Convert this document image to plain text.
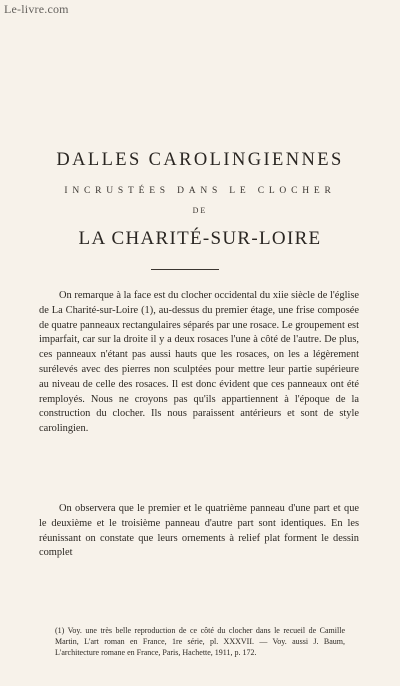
Le-livre.com
DALLES CAROLINGIENNES
INCRUSTÉES DANS LE CLOCHER
DE
LA CHARITÉ-SUR-LOIRE

On remarque à la face est du clocher occidental du xiie siècle de l'église de La Charité-sur-Loire (1), au-dessus du premier étage, une frise composée de quatre panneaux rectangulaires séparés par une rosace. Le groupement est imparfait, car sur la droite il y a deux rosaces l'une à côté de l'autre. De plus, ces panneaux n'étant pas aussi hauts que les rosaces, on les a légèrement surélevés avec des pierres non sculptées pour mettre leur partie supérieure au niveau de celle des rosaces. Il est donc évident que ces panneaux ont été remployés. Nous ne croyons pas qu'ils appartiennent à l'époque de la construction du clocher. Ils nous paraissent antérieurs et sont de style carolingien.

On observera que le premier et le quatrième panneau d'une part et que le deuxième et le troisième panneau d'autre part sont identiques. En les réunissant on constate que leurs ornements à relief plat forment le dessin complet

(1) Voy. une très belle reproduction de ce côté du clocher dans le recueil de Camille Martin, L'art roman en France, 1re série, pl. XXXVII. — Voy. aussi J. Baum, L'architecture romane en France, Paris, Hachette, 1911, p. 172.
